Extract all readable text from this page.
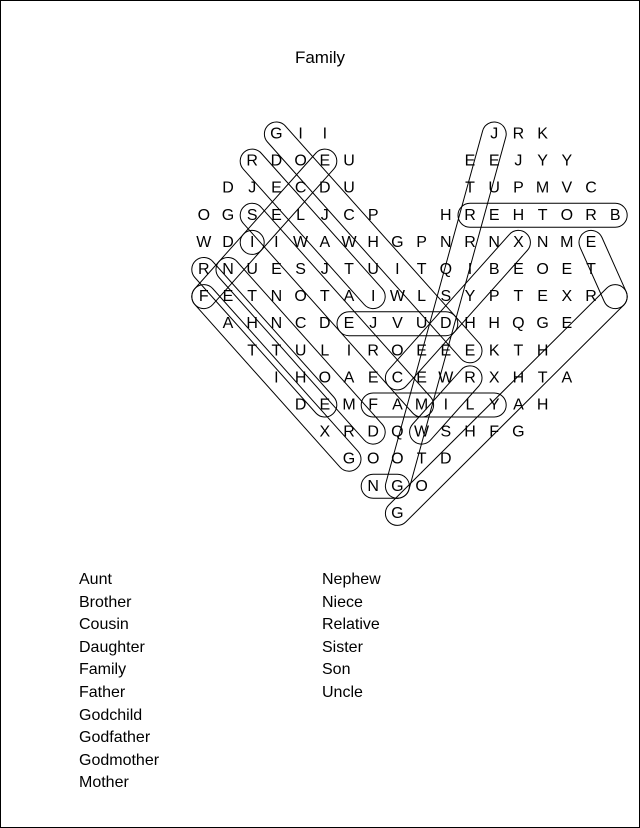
Family
G I I	J R K
R D O E U	E E J Y Y
D J E C D U	T U P M V C
O G S E L J C P	H R E H T O R B
W D I I W A W H G P N R N X N M E
R N U E S J T U I T Q I B E O E T
F E T N O T A I W L S Y P T E X R
A H N C D E J V U D H H Q G E
T T U L I R O E E E K T H
I H O A E C E W R X H T A
D E M F A M I L Y A H
X R D Q W S H F G
G O O T D
N G O
G
Aunt
Brother
Cousin
Daughter
Family
Father
Godchild
Godfather
Godmother
Mother
Nephew
Niece
Relative
Sister
Son
Uncle
